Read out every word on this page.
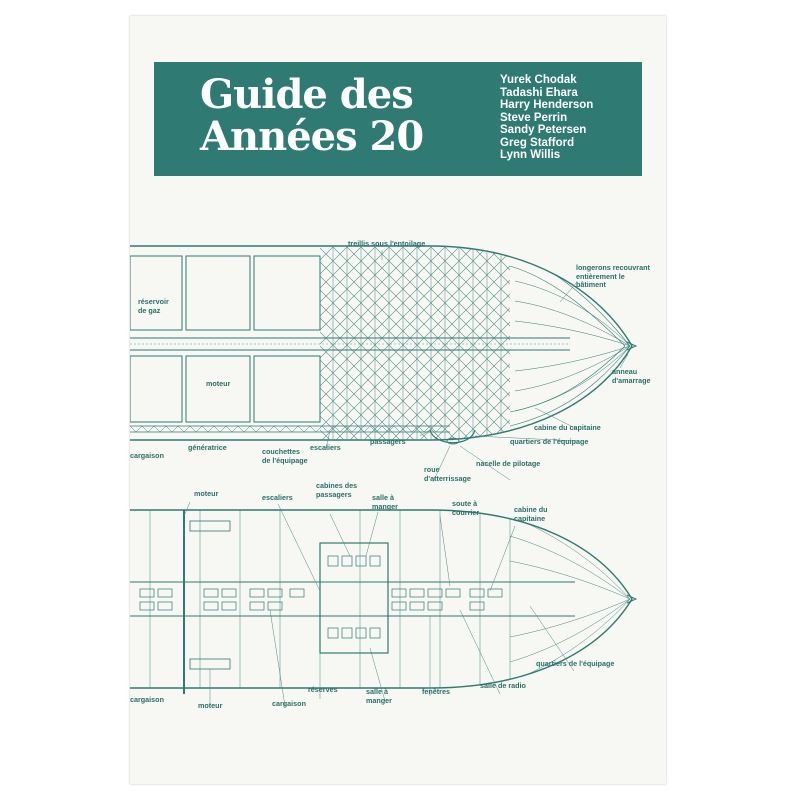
Guide des
Années 20
Yurek Chodak
Tadashi Ehara
Harry Henderson
Steve Perrin
Sandy Petersen
Greg Stafford
Lynn Willis
treillis sous l'entoilage
longerons recouvrant
entièrement le
bâtiment
réservoir
de gaz
moteur
anneau
d'amarrage
cabine du capitaine
passagers	quartiers de l'équipage
escaliers
cargaison
génératrice	couchettes
de l'équipage	nacelle de pilotage
roue
d'atterrissage
moteur	escaliers
cabines des
passagers	salle à
manger	soute à
courrier	cabine du
capitaine
quartiers de l'équipage
cargaison
moteur	cargaison
réserves	salle à
manger
fenêtres
salle de radio
